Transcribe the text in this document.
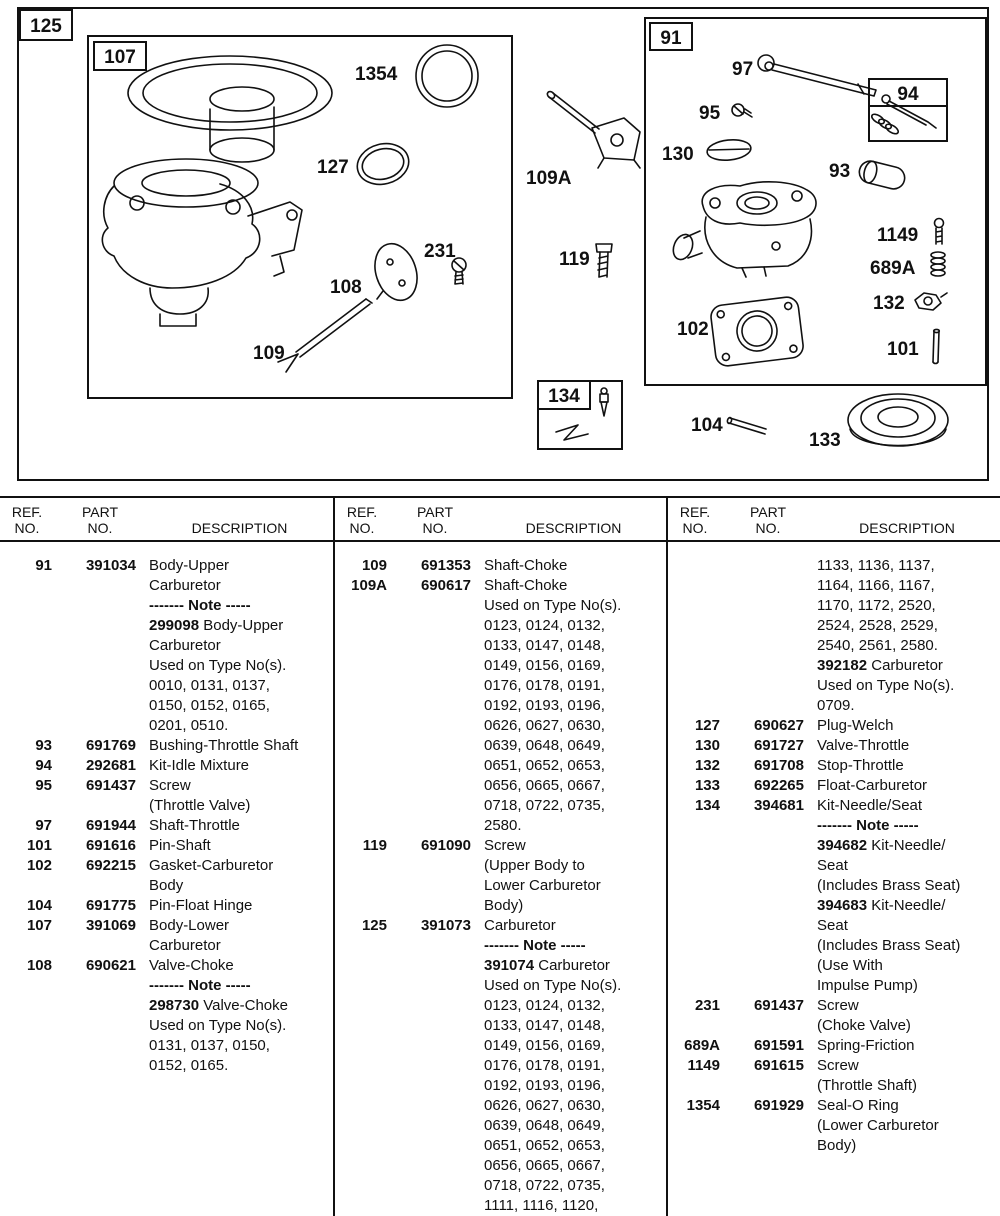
125
107
91
94
134
1354
127
231
108
109
109A
119
97
95
130
93
1149
689A
132
101
102
104
133
REF.
NO.
PART
NO.	DESCRIPTION
91	391034 Body-Upper
Carburetor
------- Note -----
299098 Body-Upper
Carburetor
Used on Type No(s).
0010, 0131, 0137,
0150, 0152, 0165,
0201, 0510.
93	691769 Bushing-Throttle Shaft
94	292681 Kit-Idle Mixture
95	691437 Screw
(Throttle Valve)
97	691944 Shaft-Throttle
101	691616 Pin-Shaft
102	692215 Gasket-Carburetor
Body
104	691775 Pin-Float Hinge
107	391069 Body-Lower
Carburetor
108	690621 Valve-Choke
------- Note -----
298730 Valve-Choke
Used on Type No(s).
0131, 0137, 0150,
0152, 0165.
REF.
NO.
PART
NO.	DESCRIPTION
109	691353 Shaft-Choke
109A	690617 Shaft-Choke
Used on Type No(s).
0123, 0124, 0132,
0133, 0147, 0148,
0149, 0156, 0169,
0176, 0178, 0191,
0192, 0193, 0196,
0626, 0627, 0630,
0639, 0648, 0649,
0651, 0652, 0653,
0656, 0665, 0667,
0718, 0722, 0735,
2580.
119	691090 Screw
(Upper Body to
Lower Carburetor
Body)
125	391073 Carburetor
------- Note -----
391074 Carburetor
Used on Type No(s).
0123, 0124, 0132,
0133, 0147, 0148,
0149, 0156, 0169,
0176, 0178, 0191,
0192, 0193, 0196,
0626, 0627, 0630,
0639, 0648, 0649,
0651, 0652, 0653,
0656, 0665, 0667,
0718, 0722, 0735,
1111, 1116, 1120,
REF.
NO.
PART
NO.	DESCRIPTION
1133, 1136, 1137,
1164, 1166, 1167,
1170, 1172, 2520,
2524, 2528, 2529,
2540, 2561, 2580.
392182 Carburetor
Used on Type No(s).
0709.
127	690627 Plug-Welch
130	691727 Valve-Throttle
132	691708 Stop-Throttle
133	692265 Float-Carburetor
134	394681 Kit-Needle/Seat
------- Note -----
394682 Kit-Needle/
Seat
(Includes Brass Seat)
394683 Kit-Needle/
Seat
(Includes Brass Seat)
(Use With
Impulse Pump)
231	691437 Screw
(Choke Valve)
689A	691591 Spring-Friction
1149	691615 Screw
(Throttle Shaft)
1354	691929 Seal-O Ring
(Lower Carburetor
Body)
